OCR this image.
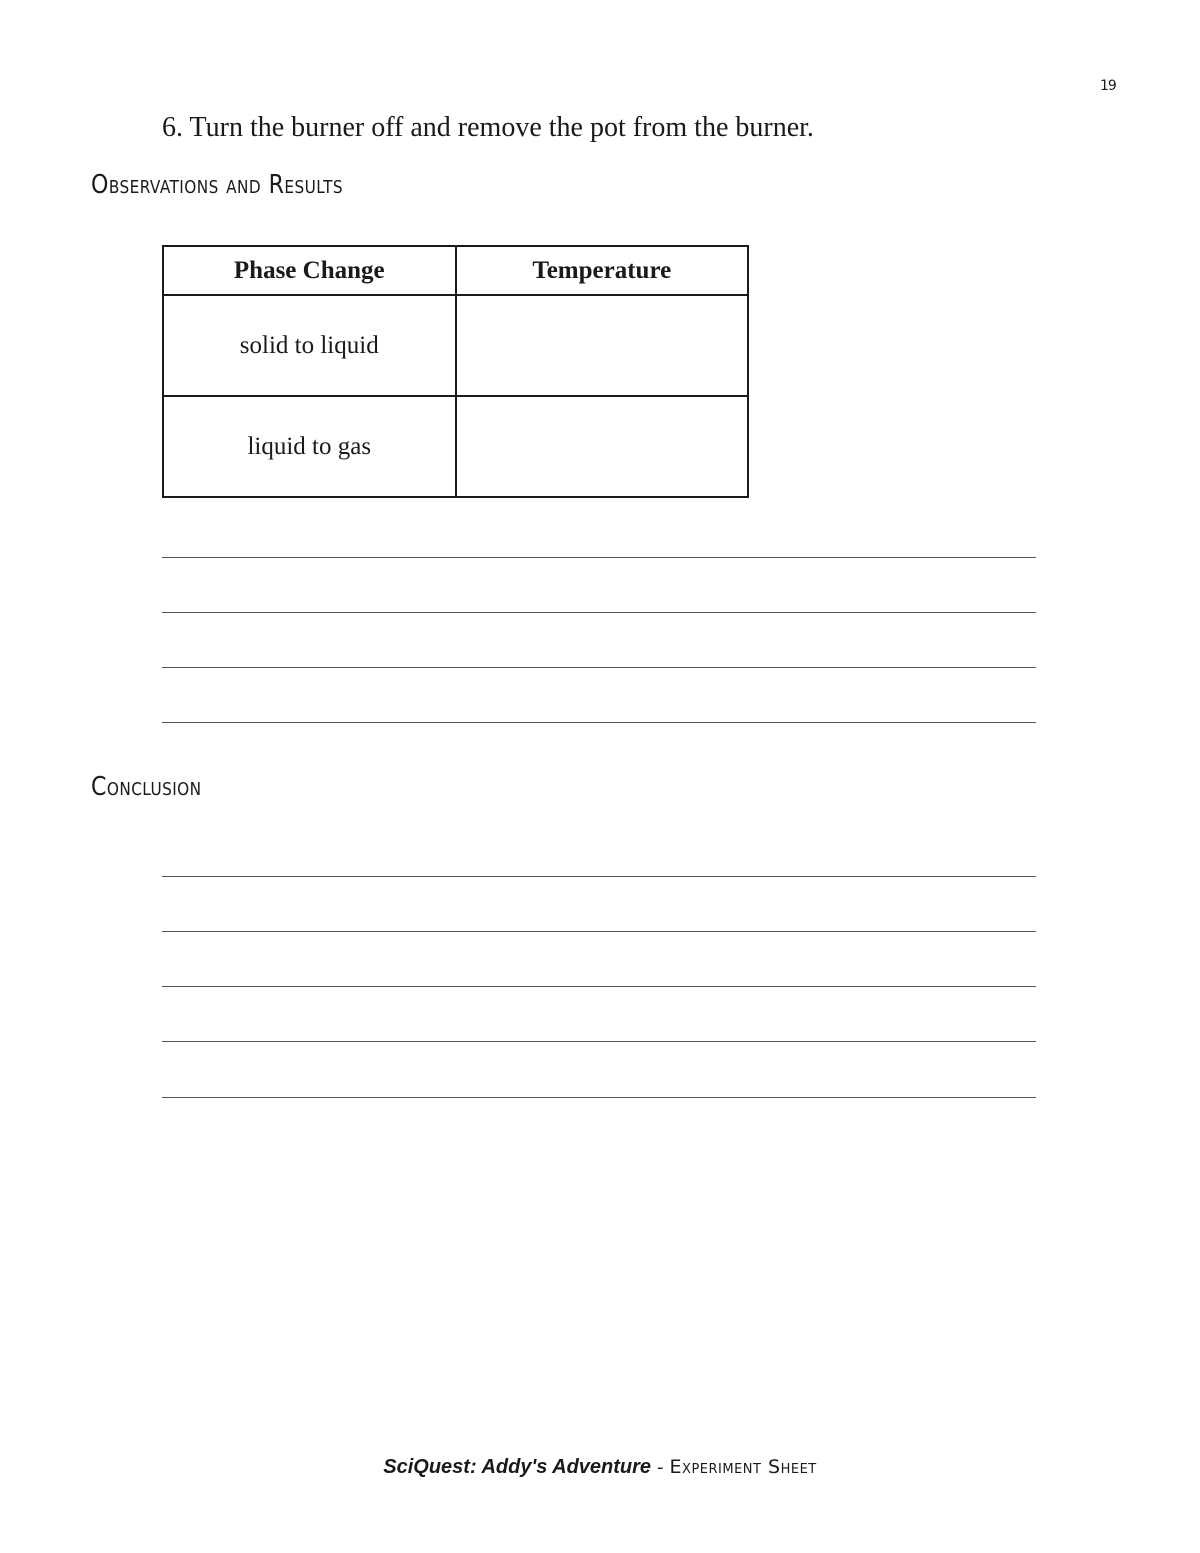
19
6. Turn the burner off and remove the pot from the burner.
Observations and Results
Phase Change	Temperature
solid to liquid	
liquid to gas	
Conclusion
SciQuest: Addy's Adventure - Experiment Sheet
